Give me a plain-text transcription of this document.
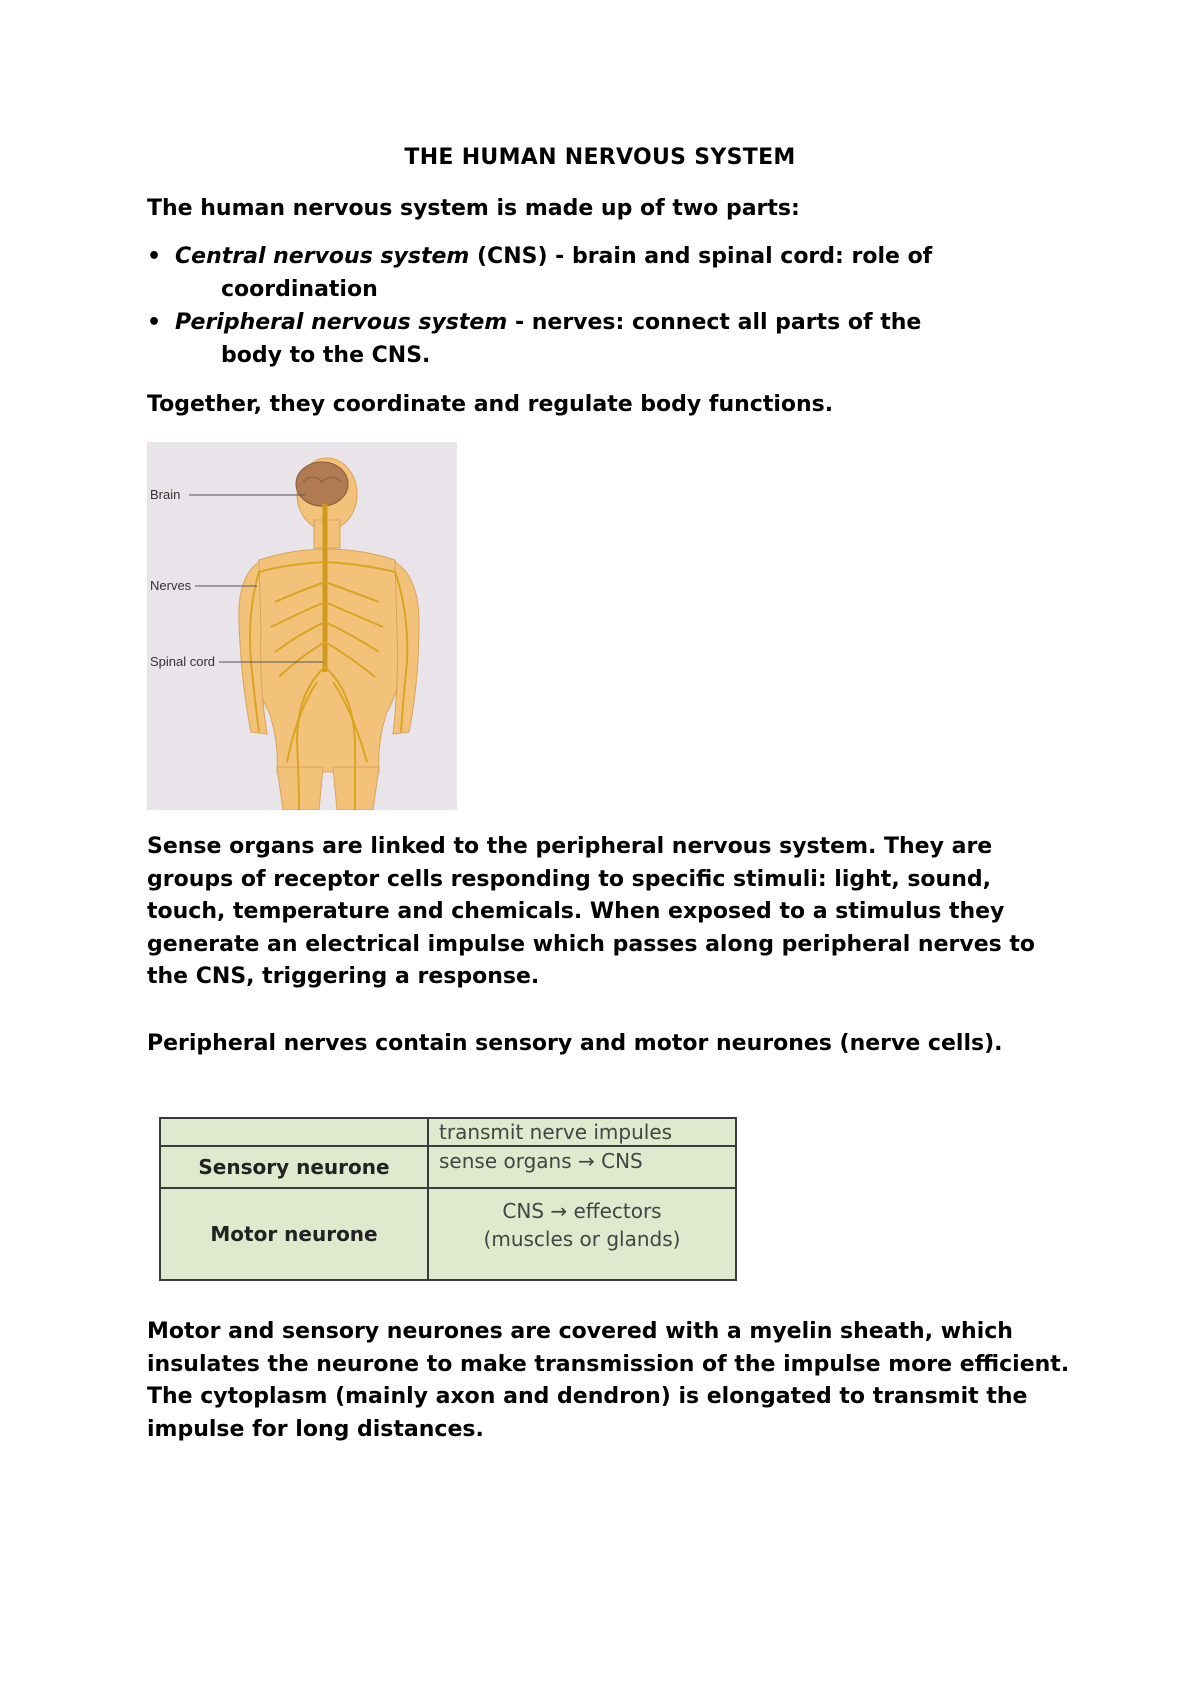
THE HUMAN NERVOUS SYSTEM
The human nervous system is made up of two parts:
• Central nervous system (CNS) - brain and spinal cord: role of
coordination
• Peripheral nervous system - nerves: connect all parts of the
body to the CNS.
Together, they coordinate and regulate body functions.
Brain
Nerves
Spinal cord
Sense organs are linked to the peripheral nervous system. They are groups of receptor cells responding to specific stimuli: light, sound, touch, temperature and chemicals. When exposed to a stimulus they generate an electrical impulse which passes along peripheral nerves to the CNS, triggering a response.
Peripheral nerves contain sensory and motor neurones (nerve cells).

	transmit nerve impules

Sensory neurone	sense organs → CNS

Motor neurone	CNS → effectors
(muscles or glands)
Motor and sensory neurones are covered with a myelin sheath, which insulates the neurone to make transmission of the impulse more efficient.
The cytoplasm (mainly axon and dendron) is elongated to transmit the impulse for long distances.
